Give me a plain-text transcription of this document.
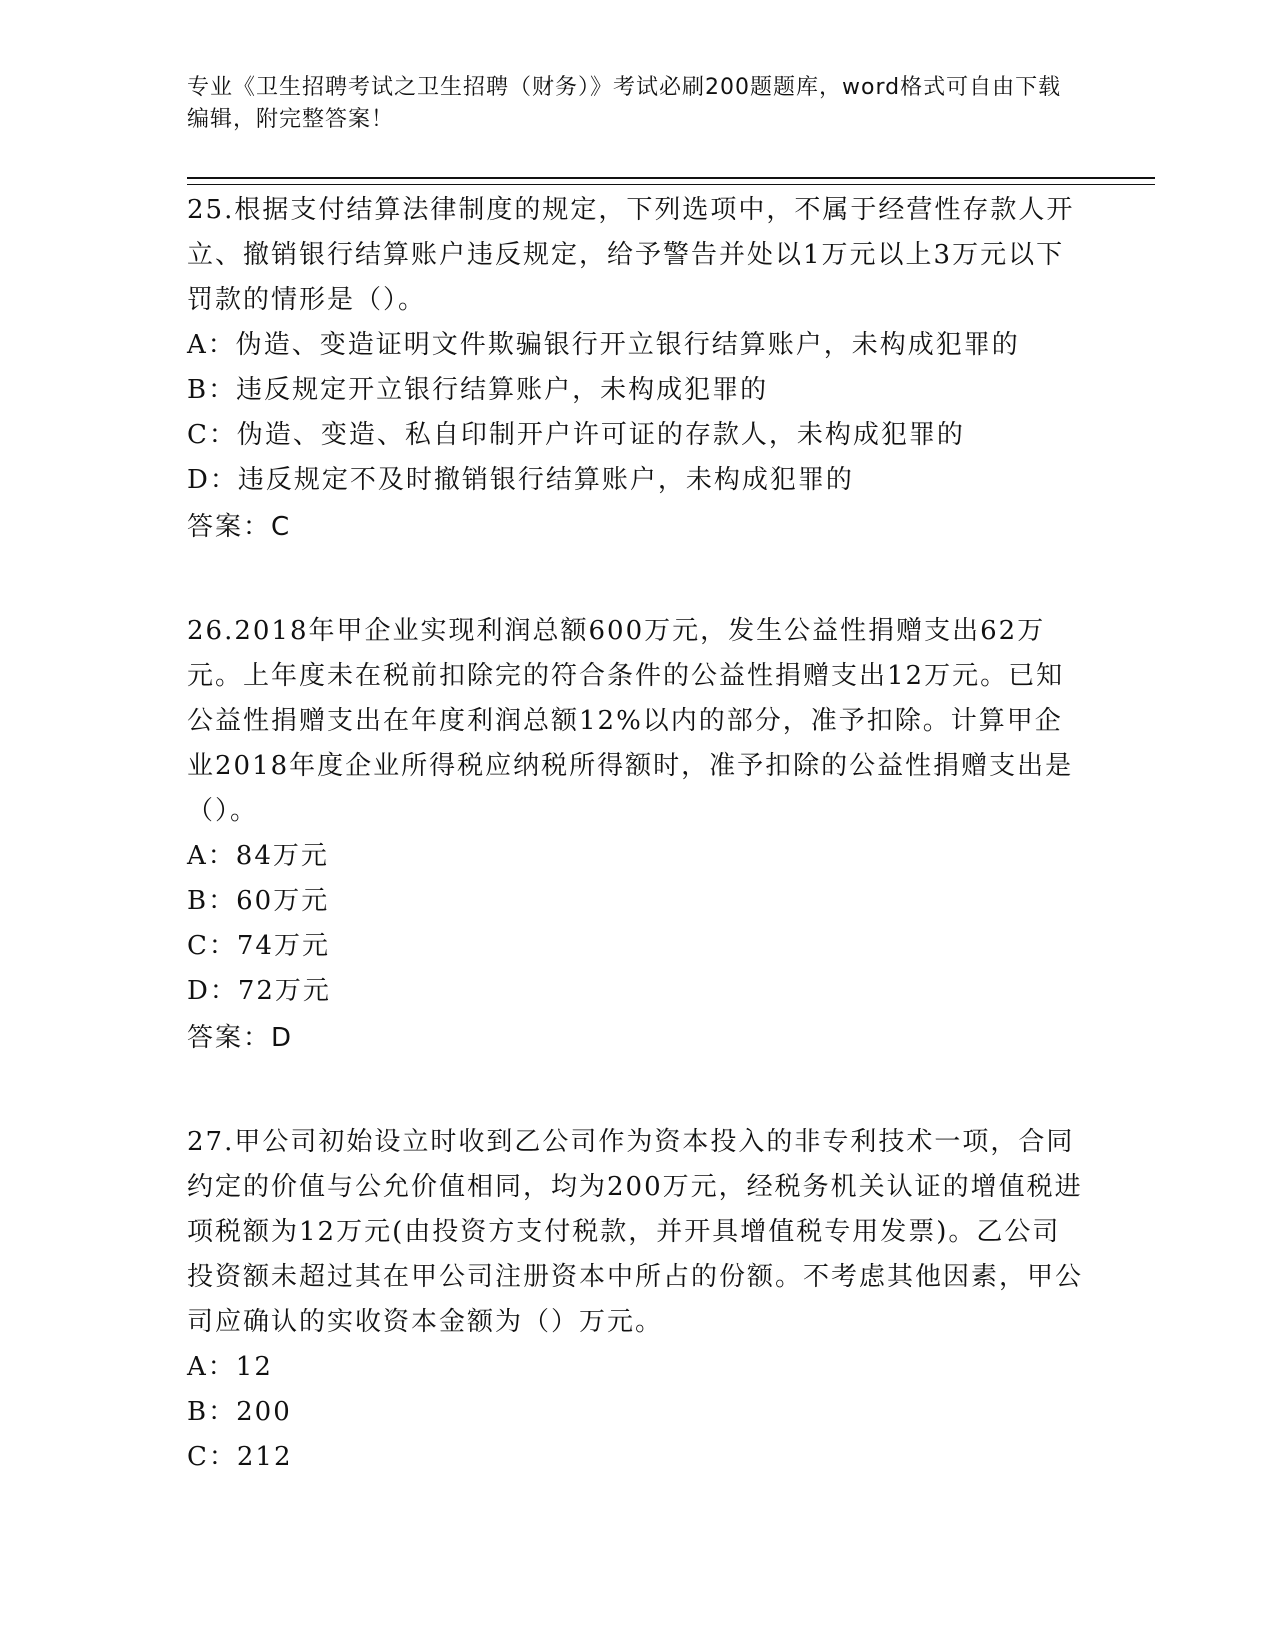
专业《卫生招聘考试之卫生招聘（财务）》考试必刷200题题库，word格式可自由下载编辑，附完整答案！

25.根据支付结算法律制度的规定，下列选项中，不属于经营性存款人开立、撤销银行结算账户违反规定，给予警告并处以1万元以上3万元以下罚款的情形是（）。

A：伪造、变造证明文件欺骗银行开立银行结算账户，未构成犯罪的

B：违反规定开立银行结算账户，未构成犯罪的

C：伪造、变造、私自印制开户许可证的存款人，未构成犯罪的

D：违反规定不及时撤销银行结算账户，未构成犯罪的

答案：C

26.2018年甲企业实现利润总额600万元，发生公益性捐赠支出62万元。上年度未在税前扣除完的符合条件的公益性捐赠支出12万元。已知公益性捐赠支出在年度利润总额12%以内的部分，准予扣除。计算甲企业2018年度企业所得税应纳税所得额时，准予扣除的公益性捐赠支出是（）。

A：84万元

B：60万元

C：74万元

D：72万元

答案：D

27.甲公司初始设立时收到乙公司作为资本投入的非专利技术一项，合同约定的价值与公允价值相同，均为200万元，经税务机关认证的增值税进项税额为12万元(由投资方支付税款，并开具增值税专用发票)。乙公司投资额未超过其在甲公司注册资本中所占的份额。不考虑其他因素，甲公司应确认的实收资本金额为（）万元。

A：12

B：200

C：212
